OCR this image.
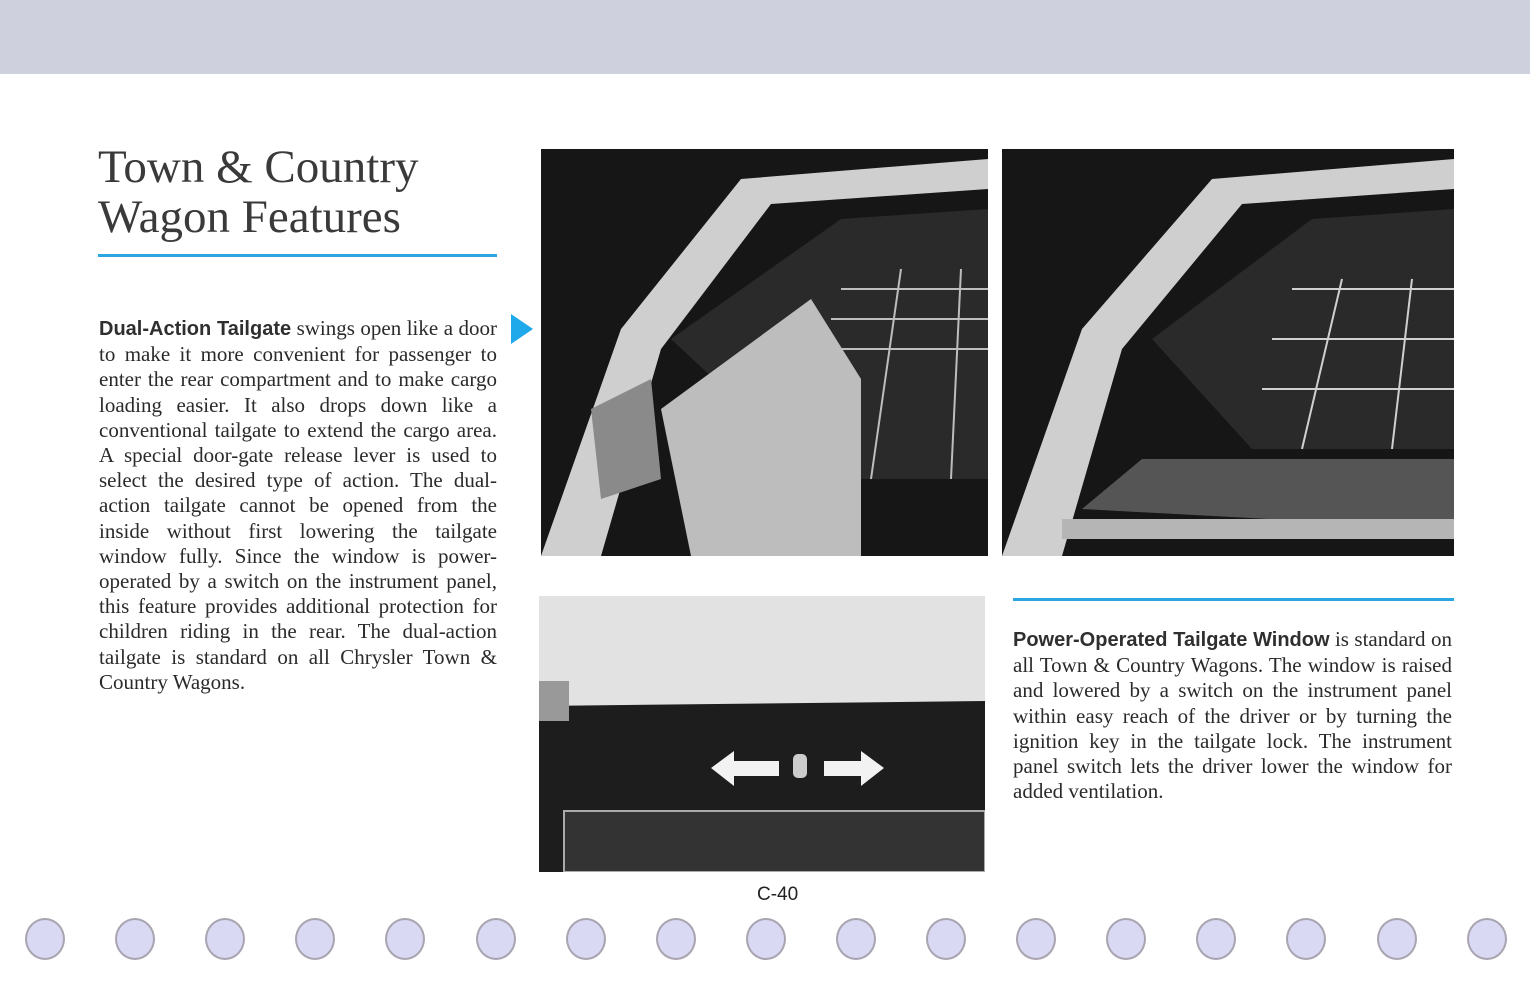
Town & Country
Wagon Features
Dual-Action Tailgate swings open like a door to make it more convenient for passenger to enter the rear compartment and to make cargo loading easier. It also drops down like a conventional tailgate to extend the cargo area. A special door-gate release lever is used to select the desired type of action. The dual-action tailgate cannot be opened from the inside without first lowering the tailgate window fully. Since the window is power-operated by a switch on the instrument panel, this feature provides additional protection for children riding in the rear. The dual-action tailgate is standard on all Chrysler Town & Country Wagons.
Power-Operated Tailgate Window is standard on all Town & Country Wagons. The window is raised and lowered by a switch on the instrument panel within easy reach of the driver or by turning the ignition key in the tailgate lock. The instrument panel switch lets the driver lower the window for added ventilation.
C-40
